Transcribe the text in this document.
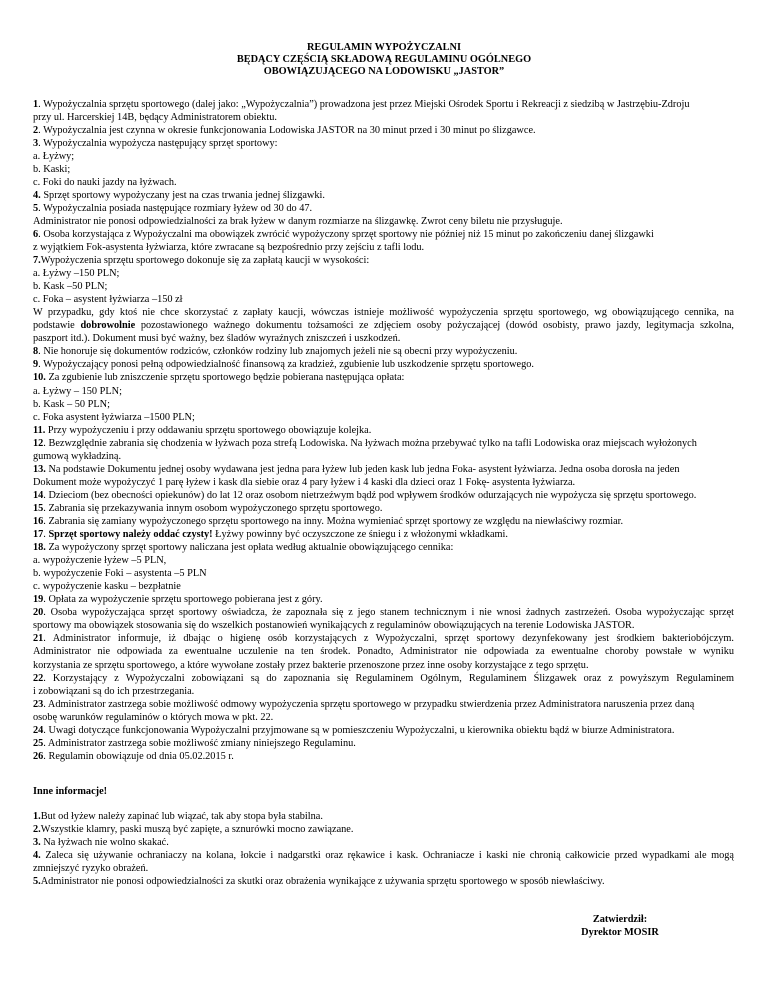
REGULAMIN WYPOŻYCZALNI
BĘDĄCY CZĘŚCIĄ SKŁADOWĄ REGULAMINU OGÓLNEGO
OBOWIĄZUJĄCEGO NA LODOWISKU „JASTOR”
1. Wypożyczalnia sprzętu sportowego (dalej jako: „Wypożyczalnia”) prowadzona jest przez Miejski Ośrodek Sportu i Rekreacji z siedzibą w Jastrzębiu-Zdroju
przy ul. Harcerskiej 14B, będący Administratorem obiektu.
2. Wypożyczalnia jest czynna w okresie funkcjonowania Lodowiska JASTOR na 30 minut przed i 30 minut po ślizgawce.
3. Wypożyczalnia wypożycza następujący sprzęt sportowy:
a. Łyżwy;
b. Kaski;
c. Foki do nauki jazdy na łyżwach.
4. Sprzęt sportowy wypożyczany jest na czas trwania jednej ślizgawki.
5. Wypożyczalnia posiada następujące rozmiary łyżew od 30 do 47.
Administrator nie ponosi odpowiedzialności za brak łyżew w danym rozmiarze na ślizgawkę. Zwrot ceny biletu nie przysługuje.
6. Osoba korzystająca z Wypożyczalni ma obowiązek zwrócić wypożyczony sprzęt sportowy nie później niż 15 minut po zakończeniu danej ślizgawki
z wyjątkiem Fok-asystenta łyżwiarza, które zwracane są bezpośrednio przy zejściu z tafli lodu.
7.Wypożyczenia sprzętu sportowego dokonuje się za zapłatą kaucji w wysokości:
a. Łyżwy –150 PLN;
b. Kask –50 PLN;
c. Foka – asystent łyżwiarza –150 zł
W przypadku, gdy ktoś nie chce skorzystać z zapłaty kaucji, wówczas istnieje możliwość wypożyczenia sprzętu sportowego, wg obowiązującego cennika, na
podstawie dobrowolnie pozostawionego ważnego dokumentu tożsamości ze zdjęciem osoby pożyczającej (dowód osobisty, prawo jazdy, legitymacja szkolna,
paszport itd.). Dokument musi być ważny, bez śladów wyraźnych zniszczeń i uszkodzeń.
8. Nie honoruje się dokumentów rodziców, członków rodziny lub znajomych jeżeli nie są obecni przy wypożyczeniu.
9. Wypożyczający ponosi pełną odpowiedzialność finansową za kradzież, zgubienie lub uszkodzenie sprzętu sportowego.
10. Za zgubienie lub zniszczenie sprzętu sportowego będzie pobierana następująca opłata:
a. Łyżwy – 150 PLN;
b. Kask – 50 PLN;
c. Foka asystent łyżwiarza –1500 PLN;
11. Przy wypożyczeniu i przy oddawaniu sprzętu sportowego obowiązuje kolejka.
12. Bezwzględnie zabrania się chodzenia w łyżwach poza strefą Lodowiska. Na łyżwach można przebywać tylko na tafli Lodowiska oraz miejscach wyłożonych
gumową wykładziną.
13. Na podstawie Dokumentu jednej osoby wydawana jest jedna para łyżew lub jeden kask lub jedna Foka- asystent łyżwiarza. Jedna osoba dorosła na jeden
Dokument może wypożyczyć 1 parę łyżew i kask dla siebie oraz 4 pary łyżew i 4 kaski dla dzieci oraz 1 Fokę- asystenta łyżwiarza.
14. Dzieciom (bez obecności opiekunów) do lat 12 oraz osobom nietrzeźwym bądź pod wpływem środków odurzających nie wypożycza się sprzętu sportowego.
15. Zabrania się przekazywania innym osobom wypożyczonego sprzętu sportowego.
16. Zabrania się zamiany wypożyczonego sprzętu sportowego na inny. Można wymieniać sprzęt sportowy ze względu na niewłaściwy rozmiar.
17. Sprzęt sportowy należy oddać czysty! Łyżwy powinny być oczyszczone ze śniegu i z włożonymi wkładkami.
18. Za wypożyczony sprzęt sportowy naliczana jest opłata według aktualnie obowiązującego cennika:
a. wypożyczenie łyżew –5 PLN,
b. wypożyczenie Foki – asystenta –5 PLN
c. wypożyczenie kasku – bezpłatnie
19. Opłata za wypożyczenie sprzętu sportowego pobierana jest z góry.
20. Osoba wypożyczająca sprzęt sportowy oświadcza, że zapoznała się z jego stanem technicznym i nie wnosi żadnych zastrzeżeń. Osoba wypożyczając sprzęt
sportowy ma obowiązek stosowania się do wszelkich postanowień wynikających z regulaminów obowiązujących na terenie Lodowiska JASTOR.
21. Administrator informuje, iż dbając o higienę osób korzystających z Wypożyczalni, sprzęt sportowy dezynfekowany jest środkiem bakteriobójczym.
Administrator nie odpowiada za ewentualne uczulenie na ten środek. Ponadto, Administrator nie odpowiada za ewentualne choroby powstałe w wyniku
korzystania ze sprzętu sportowego, a które wywołane zostały przez bakterie przenoszone przez inne osoby korzystające z tego sprzętu.
22. Korzystający z Wypożyczalni zobowiązani są do zapoznania się Regulaminem Ogólnym, Regulaminem Ślizgawek oraz z powyższym Regulaminem
i zobowiązani są do ich przestrzegania.
23. Administrator zastrzega sobie możliwość odmowy wypożyczenia sprzętu sportowego w przypadku stwierdzenia przez Administratora naruszenia przez daną
osobę warunków regulaminów o których mowa w pkt. 22.
24. Uwagi dotyczące funkcjonowania Wypożyczalni przyjmowane są w pomieszczeniu Wypożyczalni, u kierownika obiektu bądź w biurze Administratora.
25. Administrator zastrzega sobie możliwość zmiany niniejszego Regulaminu.
26. Regulamin obowiązuje od dnia 05.02.2015 r.
Inne informacje!
1.But od łyżew należy zapinać lub wiązać, tak aby stopa była stabilna.
2.Wszystkie klamry, paski muszą być zapięte, a sznurówki mocno zawiązane.
3. Na łyżwach nie wolno skakać.
4. Zaleca się używanie ochraniaczy na kolana, łokcie i nadgarstki oraz rękawice i kask. Ochraniacze i kaski nie chronią całkowicie przed wypadkami ale mogą
zmniejszyć ryzyko obrażeń.
5.Administrator nie ponosi odpowiedzialności za skutki oraz obrażenia wynikające z używania sprzętu sportowego w sposób niewłaściwy.
Zatwierdził:
Dyrektor MOSIR
